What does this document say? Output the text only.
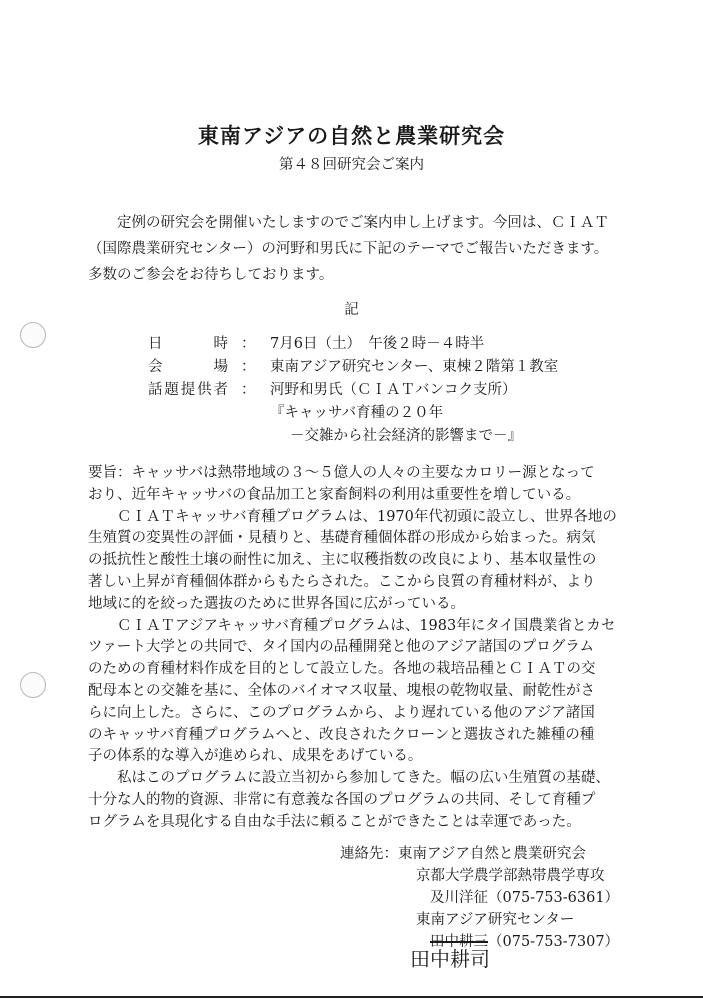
東南アジアの自然と農業研究会
第４８回研究会ご案内
定例の研究会を開催いたしますのでご案内申し上げます。今回は、ＣＩＡＴ
（国際農業研究センター）の河野和男氏に下記のテーマでご報告いただきます。
多数のご参会をお待ちしております。
記
日　　時 ： 7月6日（土）　午後２時－４時半
会　　場 ： 東南アジア研究センター、東棟２階第１教室
話題提供者 ： 河野和男氏（ＣＩＡＴバンコク支所）
『キャッサバ育種の２０年
－交雑から社会経済的影響まで－』
要旨：キャッサバは熱帯地域の３～５億人の人々の主要なカロリー源となって
おり、近年キャッサバの食品加工と家畜飼料の利用は重要性を増している。
ＣＩＡＴキャッサバ育種プログラムは、1970年代初頭に設立し、世界各地の
生殖質の変異性の評価・見積りと、基礎育種個体群の形成から始まった。病気
の抵抗性と酸性土壌の耐性に加え、主に収穫指数の改良により、基本収量性の
著しい上昇が育種個体群からもたらされた。ここから良質の育種材料が、より
地域に的を絞った選抜のために世界各国に広がっている。
ＣＩＡＴアジアキャッサバ育種プログラムは、1983年にタイ国農業省とカセ
ツァート大学との共同で、タイ国内の品種開発と他のアジア諸国のプログラム
のための育種材料作成を目的として設立した。各地の栽培品種とＣＩＡＴの交
配母本との交雑を基に、全体のバイオマス収量、塊根の乾物収量、耐乾性がさ
らに向上した。さらに、このプログラムから、より遅れている他のアジア諸国
のキャッサバ育種プログラムへと、改良されたクローンと選抜された雑種の種
子の体系的な導入が進められ、成果をあげている。
私はこのプログラムに設立当初から参加してきた。幅の広い生殖質の基礎、
十分な人的物的資源、非常に有意義な各国のプログラムの共同、そして育種プ
ログラムを具現化する自由な手法に頼ることができたことは幸運であった。
連絡先：東南アジア自然と農業研究会
京都大学農学部熱帯農学専攻
及川洋征（075-753-6361）
東南アジア研究センター
田中耕三（075-753-7307）
田中耕司
